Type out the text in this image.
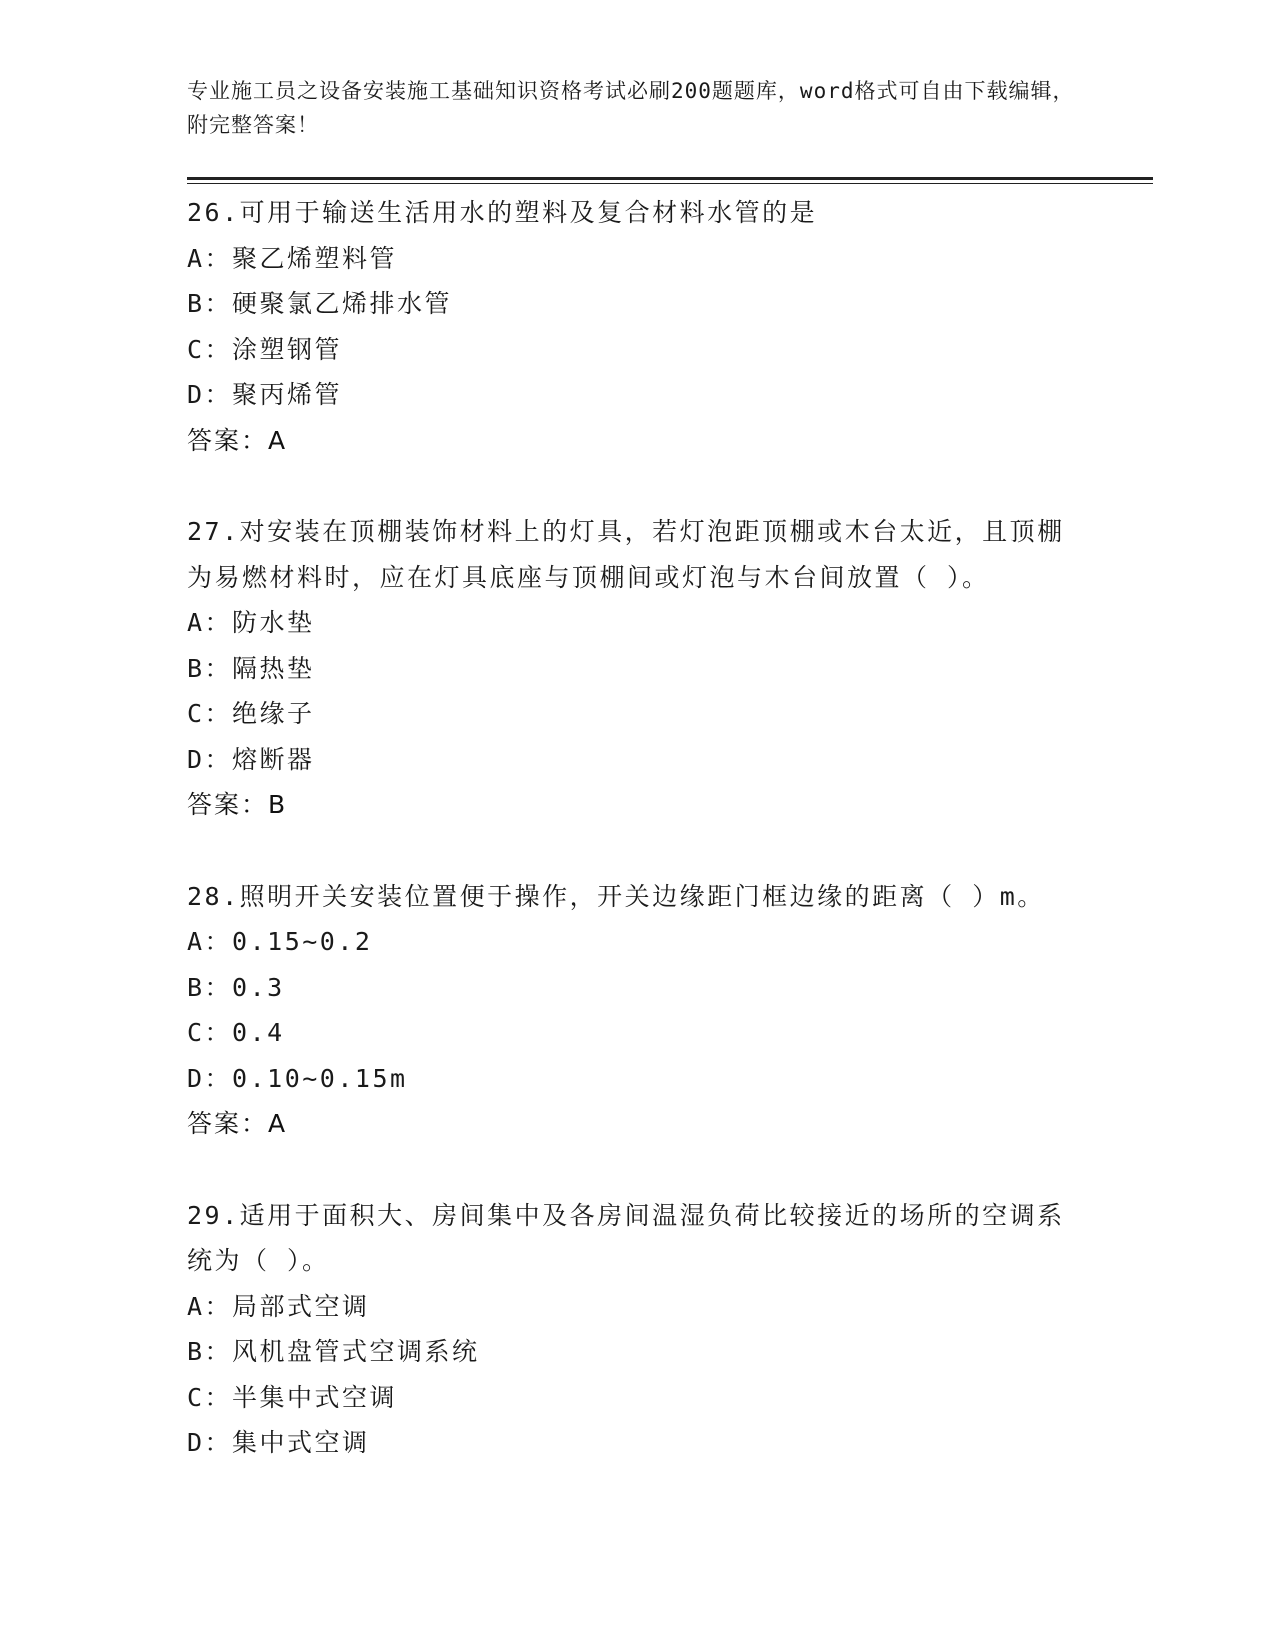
专业施工员之设备安装施工基础知识资格考试必刷200题题库，word格式可自由下载编辑，附完整答案！
26.可用于输送生活用水的塑料及复合材料水管的是
A：聚乙烯塑料管
B：硬聚氯乙烯排水管
C：涂塑钢管
D：聚丙烯管
答案：A
27.对安装在顶棚装饰材料上的灯具，若灯泡距顶棚或木台太近，且顶棚为易燃材料时，应在灯具底座与顶棚间或灯泡与木台间放置（ ）。
A：防水垫
B：隔热垫
C：绝缘子
D：熔断器
答案：B
28.照明开关安装位置便于操作，开关边缘距门框边缘的距离（ ）m。
A：0.15~0.2
B：0.3
C：0.4
D：0.10~0.15m
答案：A
29.适用于面积大、房间集中及各房间温湿负荷比较接近的场所的空调系统为（ ）。
A：局部式空调
B：风机盘管式空调系统
C：半集中式空调
D：集中式空调
